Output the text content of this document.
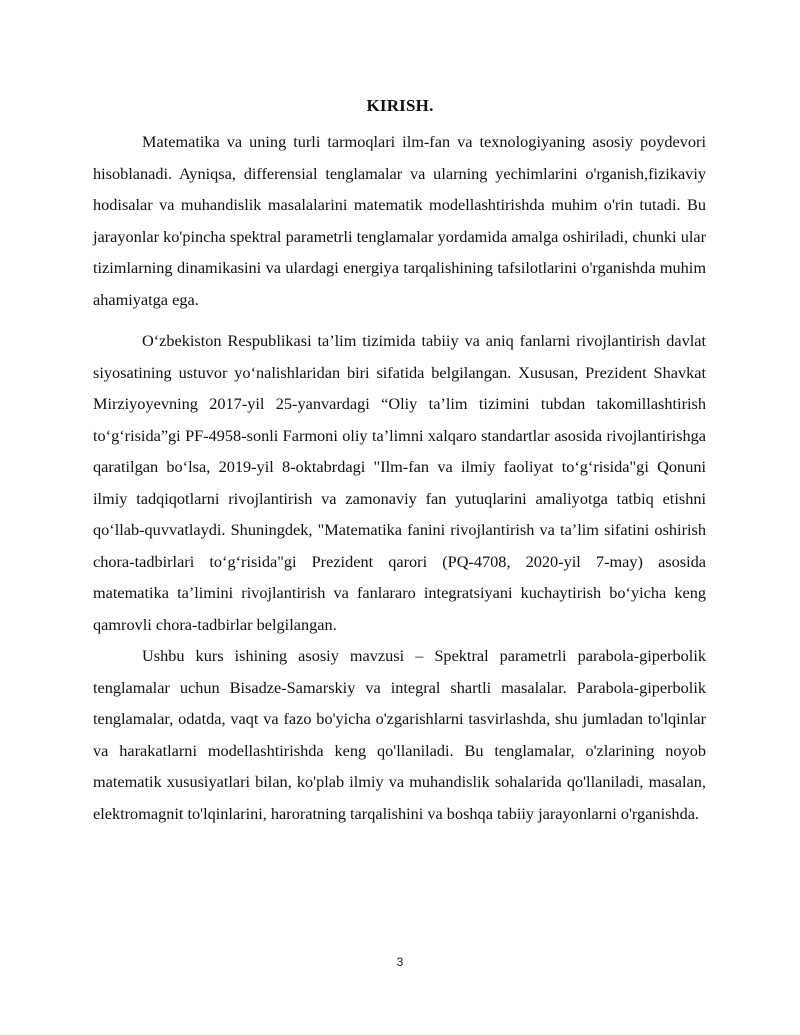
KIRISH.

Matematika va uning turli tarmoqlari ilm-fan va texnologiyaning asosiy poydevori hisoblanadi. Ayniqsa, differensial tenglamalar va ularning yechimlarini o'rganish,fizikaviy hodisalar va muhandislik masalalarini matematik modellashtirishda muhim o'rin tutadi. Bu jarayonlar ko'pincha spektral parametrli tenglamalar yordamida amalga oshiriladi, chunki ular tizimlarning dinamikasini va ulardagi energiya tarqalishining tafsilotlarini o'rganishda muhim ahamiyatga ega.

O‘zbekiston Respublikasi ta’lim tizimida tabiiy va aniq fanlarni rivojlantirish davlat siyosatining ustuvor yo‘nalishlaridan biri sifatida belgilangan. Xususan, Prezident Shavkat Mirziyoyevning 2017-yil 25-yanvardagi “Oliy ta’lim tizimini tubdan takomillashtirish to‘g‘risida”gi PF-4958-sonli Farmoni oliy ta’limni xalqaro standartlar asosida rivojlantirishga qaratilgan bo‘lsa, 2019-yil 8-oktabrdagi "Ilm-fan va ilmiy faoliyat to‘g‘risida"gi Qonuni ilmiy tadqiqotlarni rivojlantirish va zamonaviy fan yutuqlarini amaliyotga tatbiq etishni qo‘llab-quvvatlaydi. Shuningdek, "Matematika fanini rivojlantirish va ta’lim sifatini oshirish chora-tadbirlari to‘g‘risida"gi Prezident qarori (PQ-4708, 2020-yil 7-may) asosida matematika ta’limini rivojlantirish va fanlararo integratsiyani kuchaytirish bo‘yicha keng qamrovli chora-tadbirlar belgilangan.

Ushbu kurs ishining asosiy mavzusi – Spektral parametrli parabola-giperbolik tenglamalar uchun Bisadze-Samarskiy va integral shartli masalalar. Parabola-giperbolik tenglamalar, odatda, vaqt va fazo bo'yicha o'zgarishlarni tasvirlashda, shu jumladan to'lqinlar va harakatlarni modellashtirishda keng qo'llaniladi. Bu tenglamalar, o'zlarining noyob matematik xususiyatlari bilan, ko'plab ilmiy va muhandislik sohalarida qo'llaniladi, masalan, elektromagnit to'lqinlarini, haroratning tarqalishini va boshqa tabiiy jarayonlarni o'rganishda.

3
